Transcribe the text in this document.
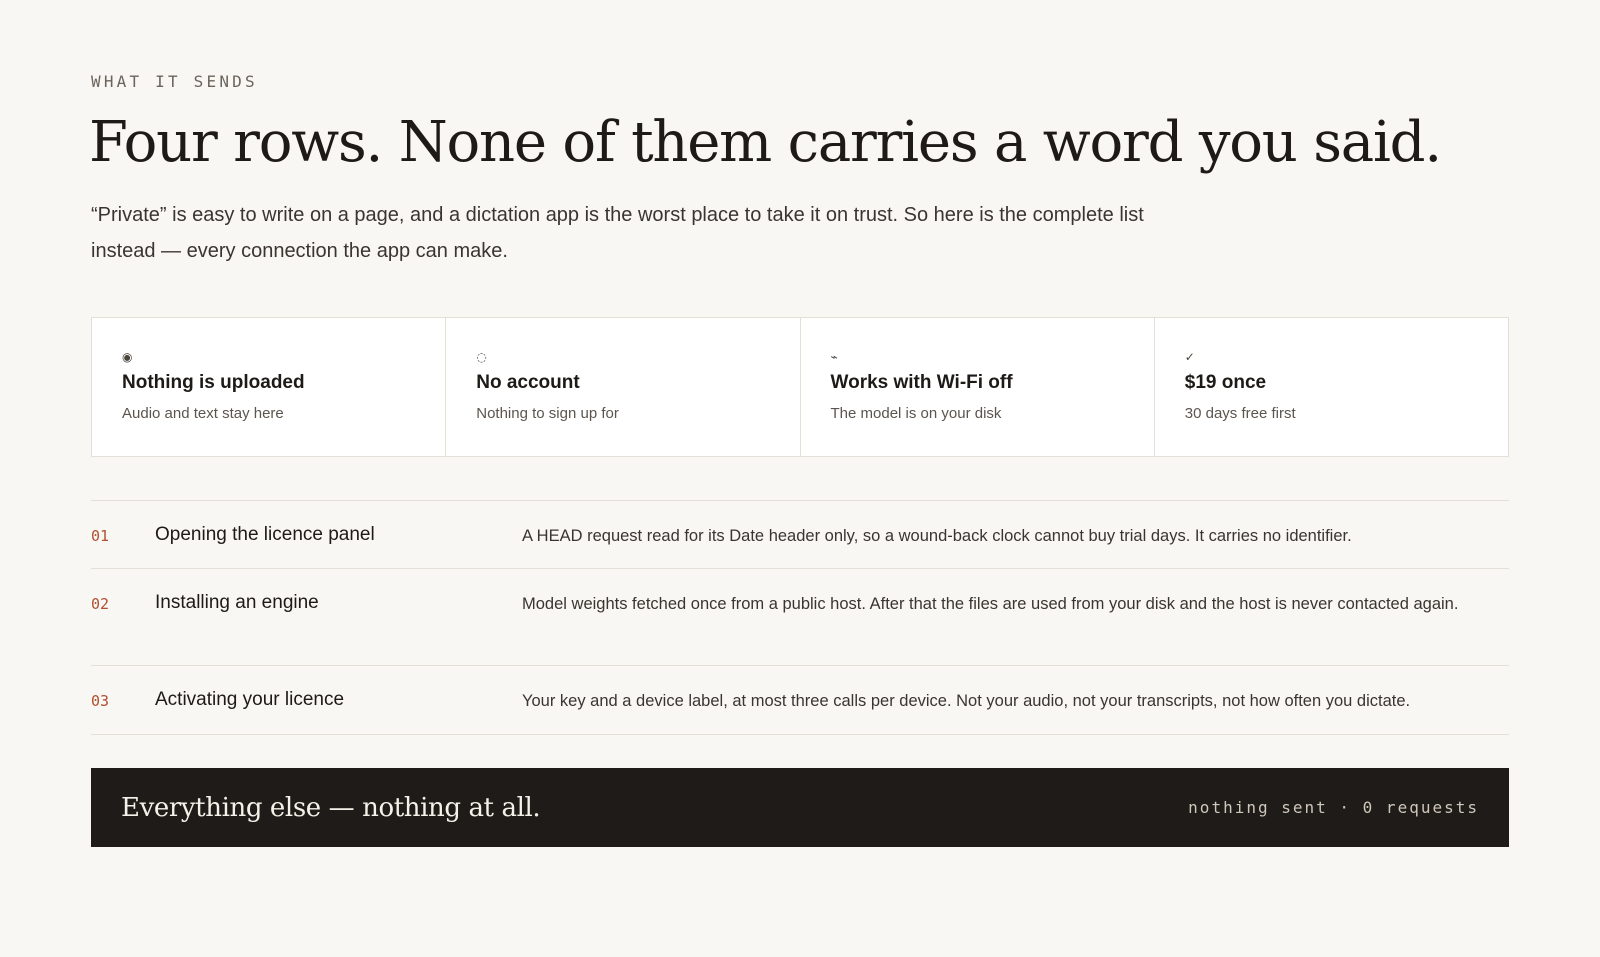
WHAT IT SENDS
Four rows. None of them carries a word you said.

“Private” is easy to write on a page, and a dictation app is the worst place to take it on trust. So here is the complete list instead — every connection the app can make.

◉
Nothing is uploaded
Audio and text stay here
◌
No account
Nothing to sign up for
⌁
Works with Wi-Fi off
The model is on your disk
✓
$19 once
30 days free first
01	Opening the licence panel	A HEAD request read for its Date header only, so a wound-back clock cannot buy trial days. It carries no identifier.
02	Installing an engine	Model weights fetched once from a public host. After that the files are used from your disk and the host is never contacted again.
03	Activating your licence	Your key and a device label, at most three calls per device. Not your audio, not your transcripts, not how often you dictate.
Everything else — nothing at all.	nothing sent · 0 requests
